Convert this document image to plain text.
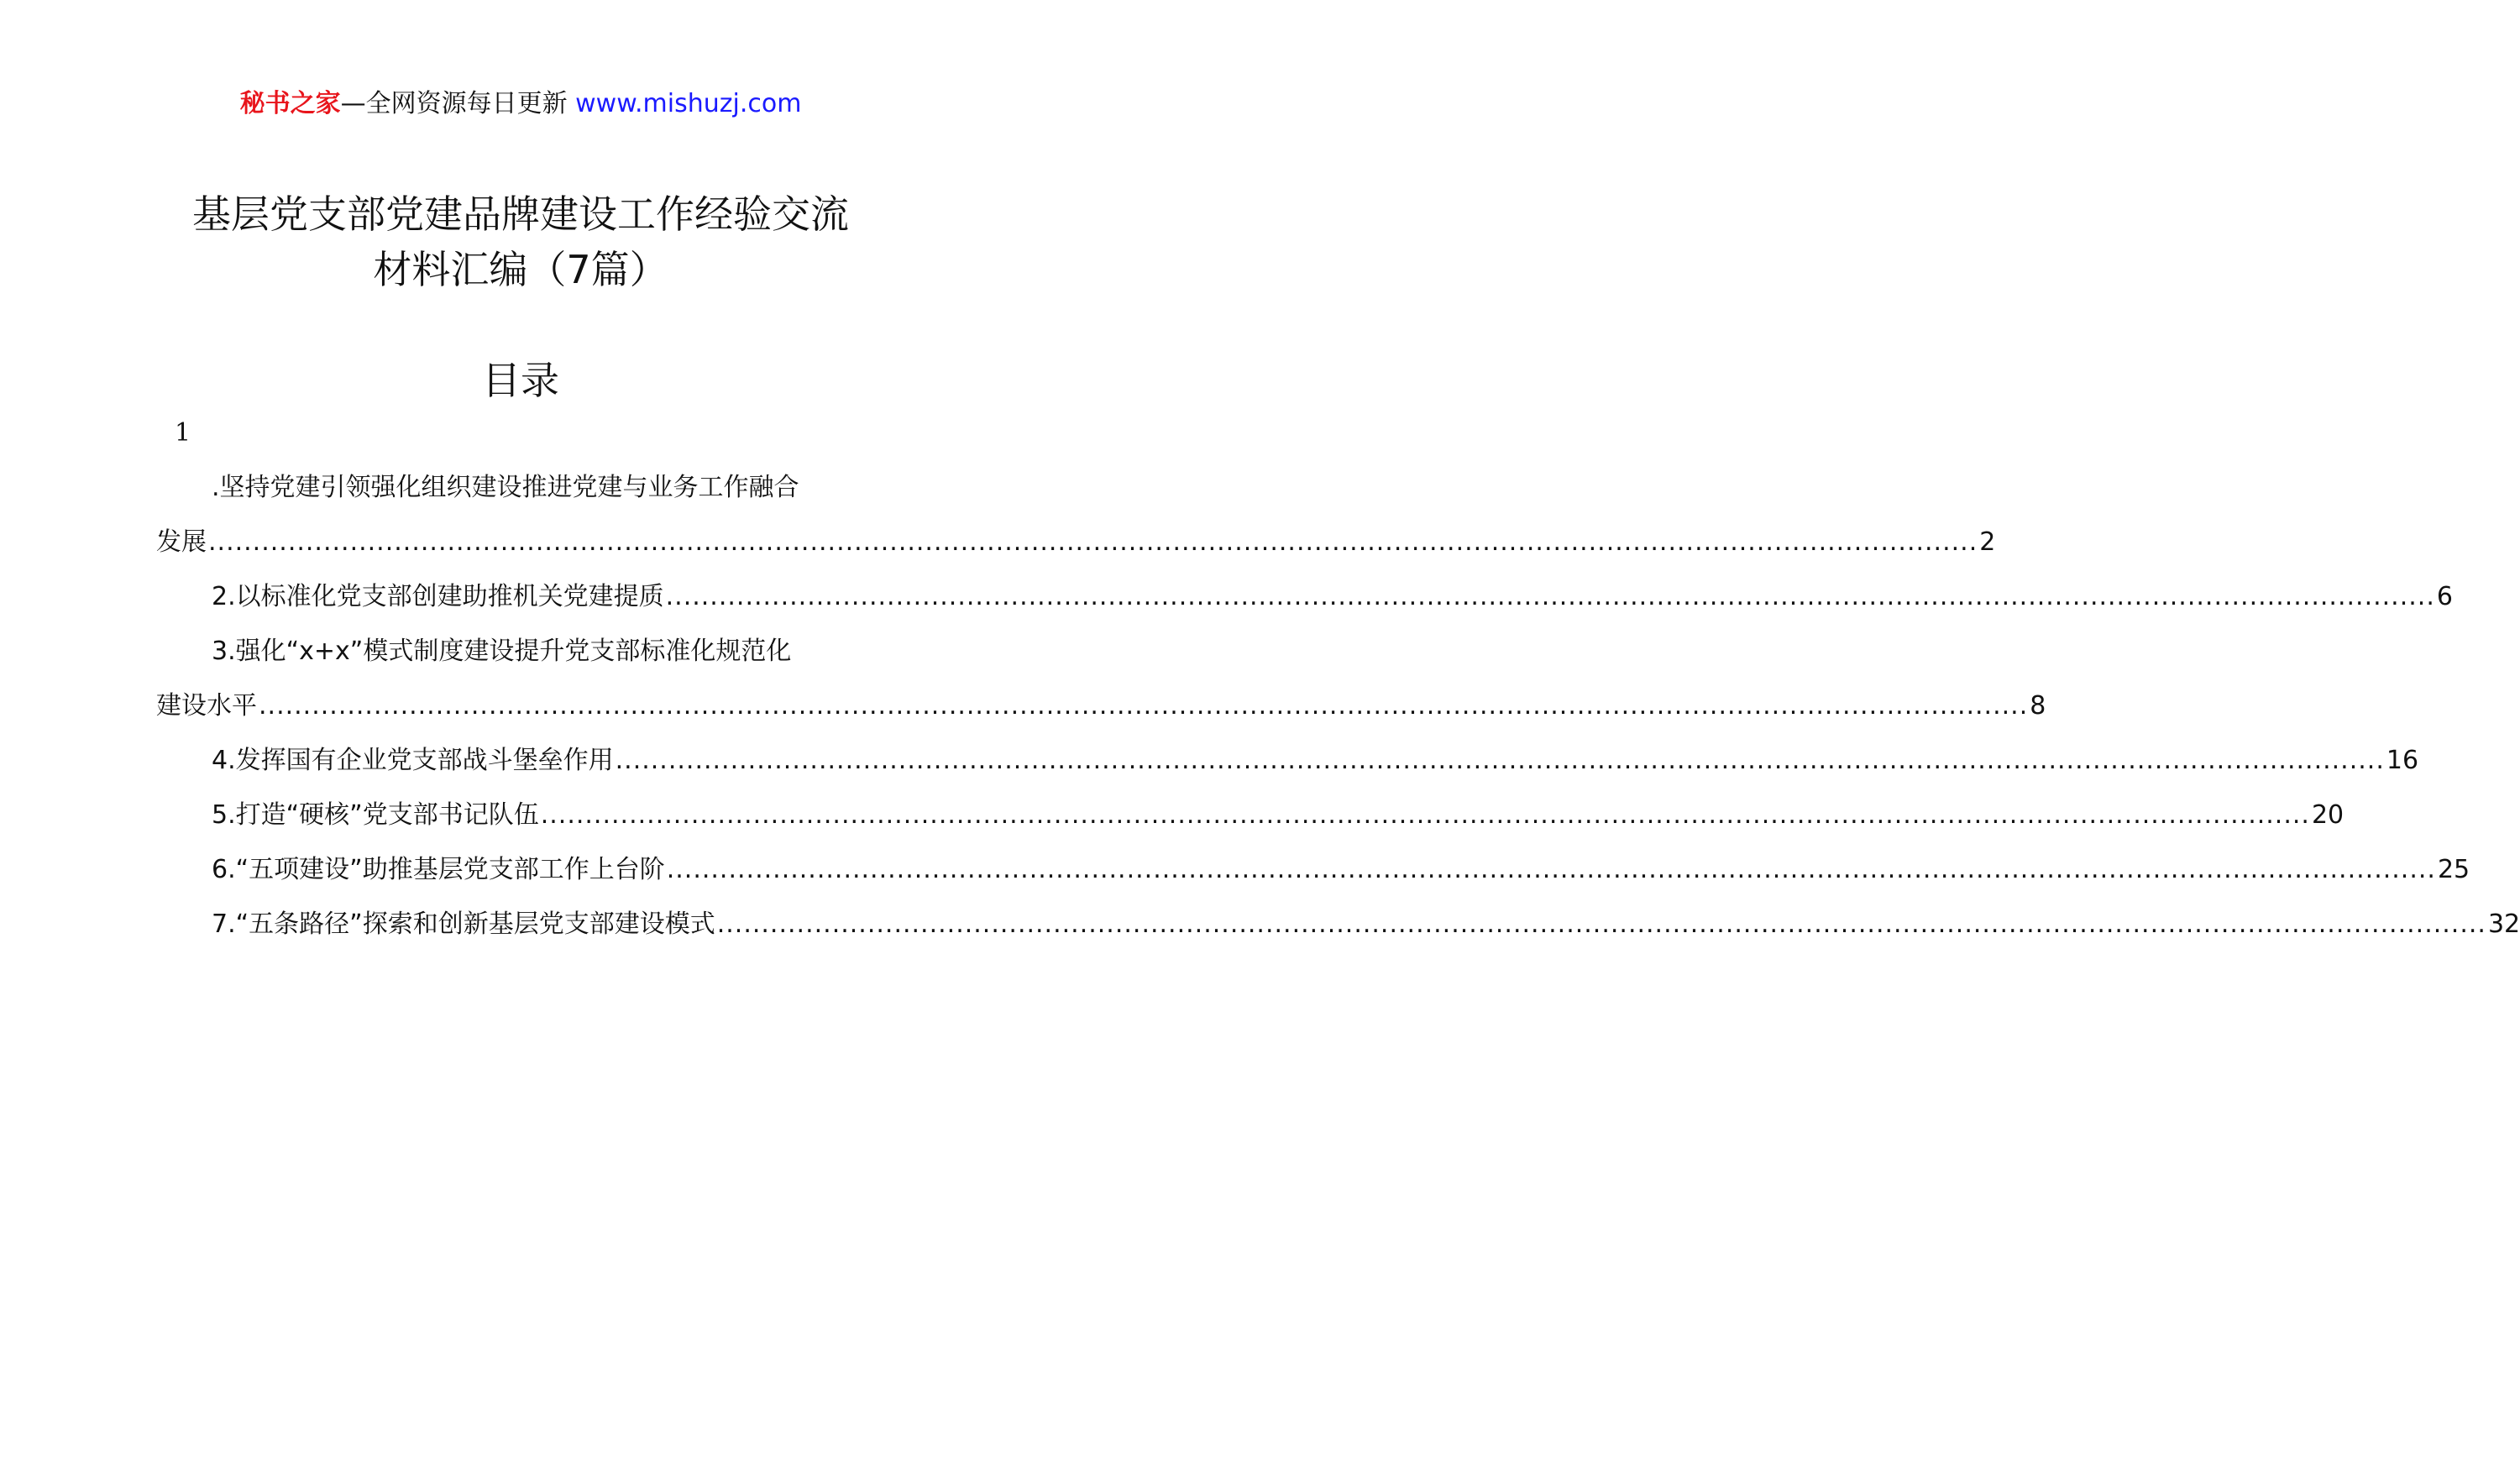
秘书之家—全网资源每日更新 www.mishuzj.com
基层党支部党建品牌建设工作经验交流
材料汇编（7篇）
目录
1
.坚持党建引领强化组织建设推进党建与业务工作融合
发展 ........................................................................................................................................................................................................ 2
2.以标准化党支部创建助推机关党建提质 ........................................................................................................................................................................................................ 6
3.强化“x+x”模式制度建设提升党支部标准化规范化
建设水平 ........................................................................................................................................................................................................ 8
4.发挥国有企业党支部战斗堡垒作用 ........................................................................................................................................................................................................ 16
5.打造“硬核”党支部书记队伍 ........................................................................................................................................................................................................ 20
6.“五项建设”助推基层党支部工作上台阶 ........................................................................................................................................................................................................ 25
7.“五条路径”探索和创新基层党支部建设模式 ........................................................................................................................................................................................................ 32
